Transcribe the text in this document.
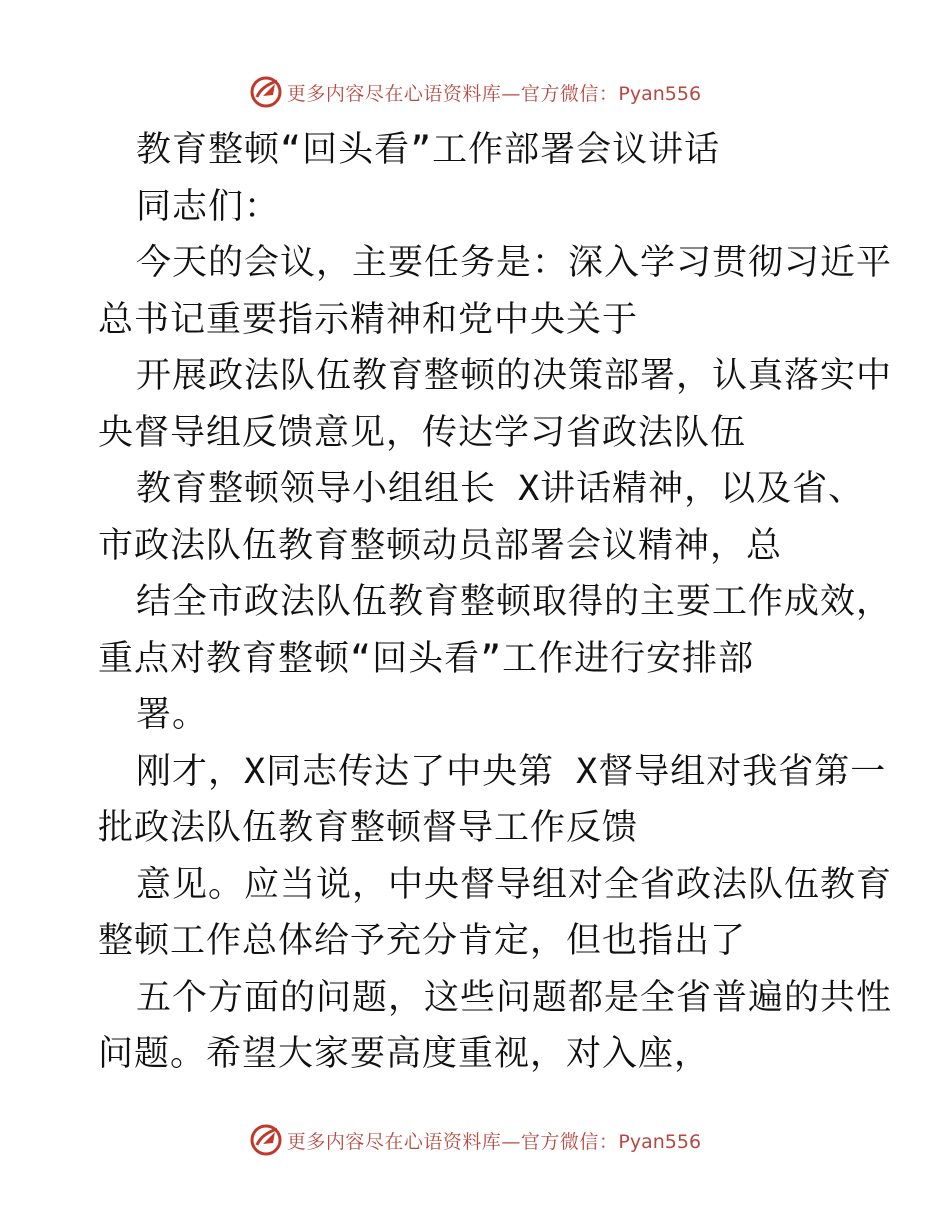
更多内容尽在心语资料库—官方微信：Pyan556
教育整顿“回头看”工作部署会议讲话
同志们：
今天的会议，主要任务是：深入学习贯彻习近平
总书记重要指示精神和党中央关于
开展政法队伍教育整顿的决策部署，认真落实中
央督导组反馈意见，传达学习省政法队伍
教育整顿领导小组组长 X讲话精神，以及省、
市政法队伍教育整顿动员部署会议精神，总
结全市政法队伍教育整顿取得的主要工作成效，
重点对教育整顿“回头看”工作进行安排部
署。
刚才，X同志传达了中央第 X督导组对我省第一
批政法队伍教育整顿督导工作反馈
意见。应当说，中央督导组对全省政法队伍教育
整顿工作总体给予充分肯定，但也指出了
五个方面的问题，这些问题都是全省普遍的共性
问题。希望大家要高度重视，对入座，
更多内容尽在心语资料库—官方微信：Pyan556
